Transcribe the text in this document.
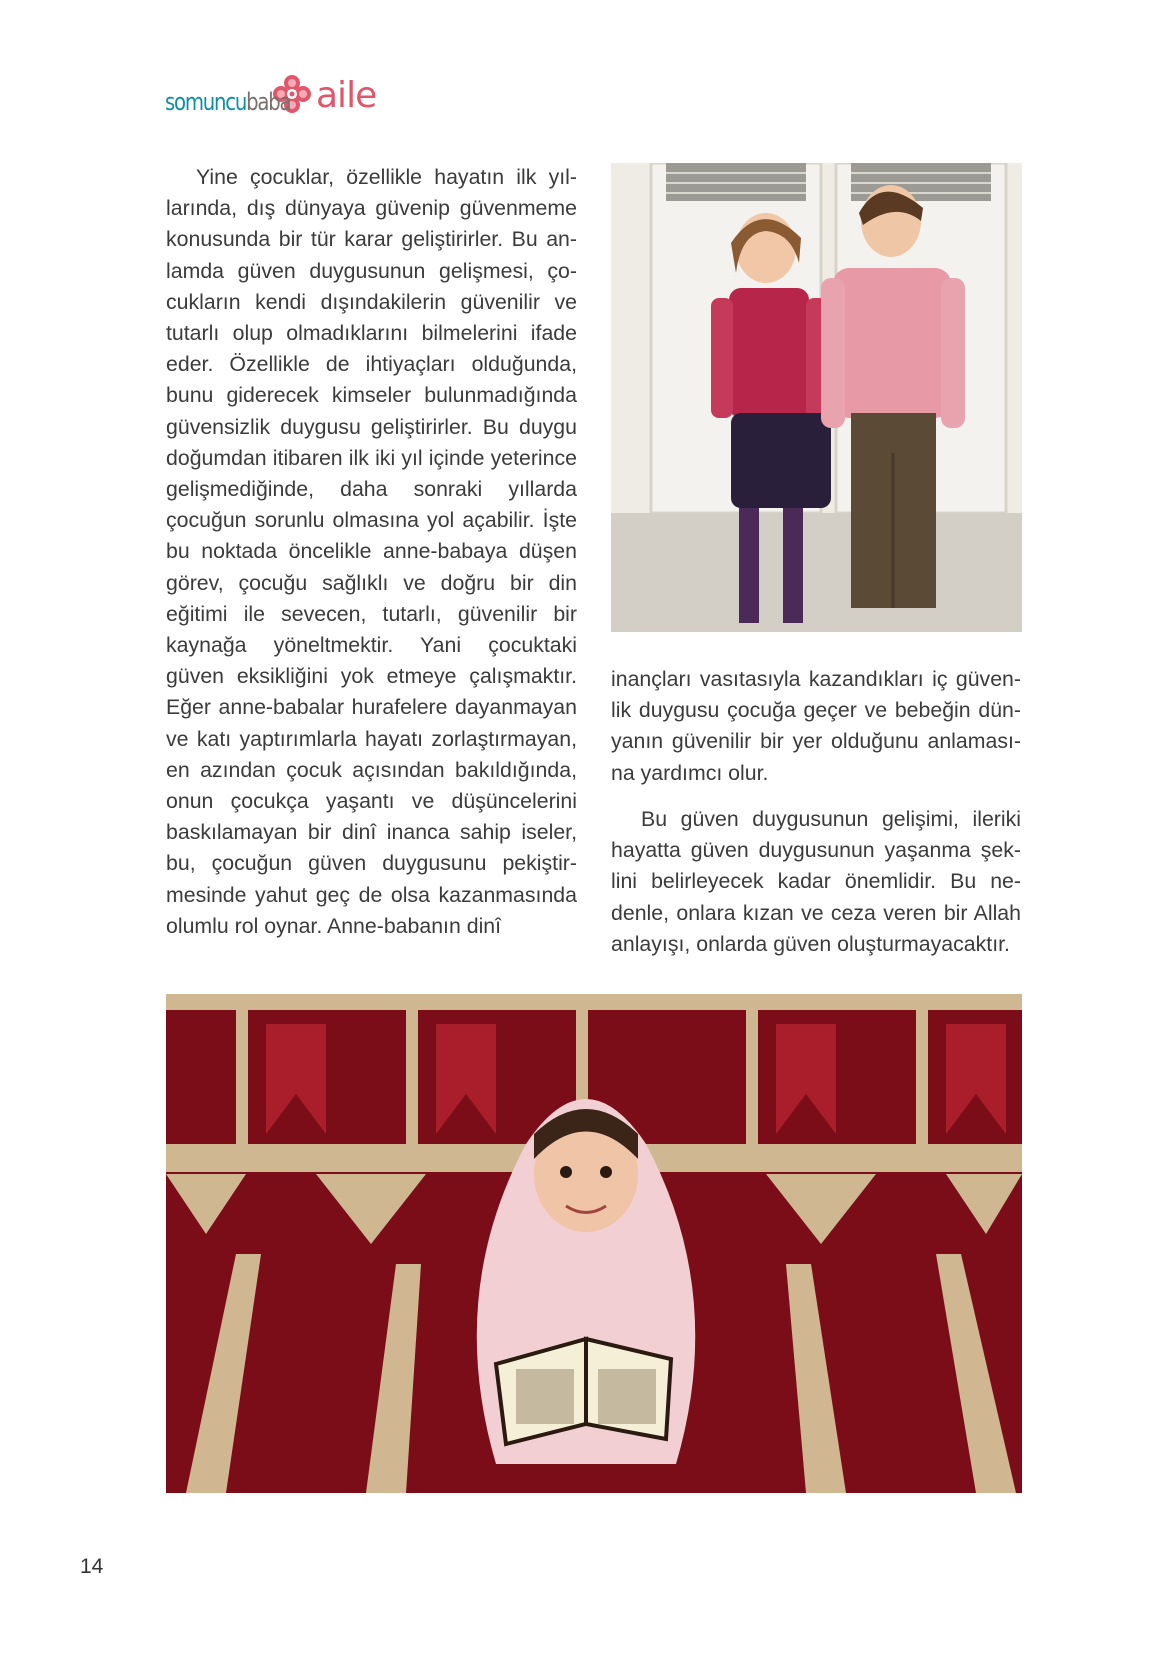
somuncubaba aile

Yine çocuklar, özellikle hayatın ilk yıllarında, dış dünyaya güvenip güvenmeme konusunda bir tür karar geliştirirler. Bu anlamda güven duygusunun gelişmesi, çocukların kendi dışındakilerin güvenilir ve tutarlı olup olmadıklarını bilmelerini ifade eder. Özellikle de ihtiyaçları olduğunda, bunu giderecek kimseler bulunmadığında güvensizlik duygusu geliştirirler. Bu duygu doğumdan itibaren ilk iki yıl içinde yeterince gelişmediğinde, daha sonraki yıllarda çocuğun sorunlu olmasına yol açabilir. İşte bu noktada öncelikle anne-babaya düşen görev, çocuğu sağlıklı ve doğru bir din eğitimi ile sevecen, tutarlı, güvenilir bir kaynağa yöneltmektir. Yani çocuktaki güven eksikliğini yok etmeye çalışmaktır. Eğer anne-babalar hurafelere dayanmayan ve katı yaptırımlarla hayatı zorlaştırmayan, en azından çocuk açısından bakıldığında, onun çocukça yaşantı ve düşüncelerini baskılamayan bir dinî inanca sahip iseler, bu, çocuğun güven duygusunu pekiştirmesinde yahut geç de olsa kazanmasında olumlu rol oynar. Anne-babanın dinî

inançları vasıtasıyla kazandıkları iç güvenlik duygusu çocuğa geçer ve bebeğin dünyanın güvenilir bir yer olduğunu anlamasına yardımcı olur.

Bu güven duygusunun gelişimi, ileriki hayatta güven duygusunun yaşanma şeklini belirleyecek kadar önemlidir. Bu nedenle, onlara kızan ve ceza veren bir Allah anlayışı, onlarda güven oluşturmayacaktır.

14
